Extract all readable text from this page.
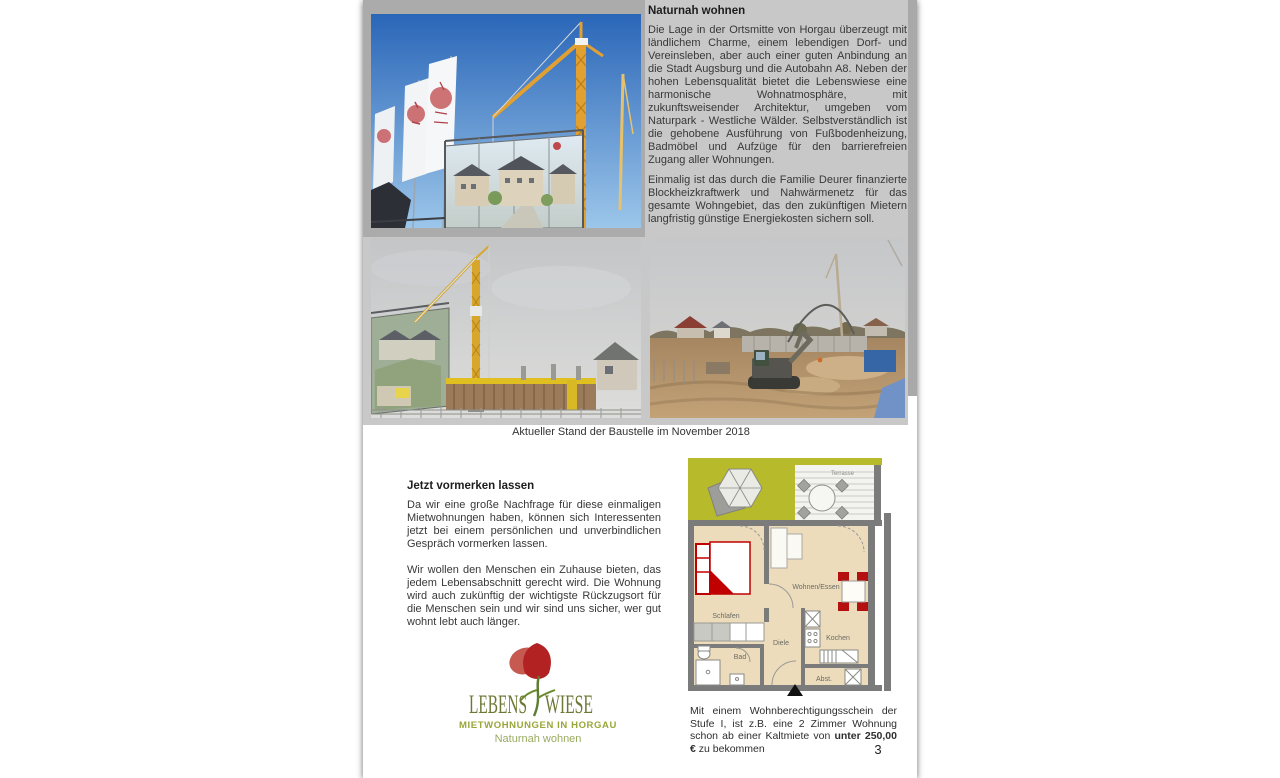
Naturnah wohnen

Die Lage in der Ortsmitte von Horgau überzeugt mit ländlichem Charme, einem lebendigen Dorf- und Vereinsleben, aber auch einer guten Anbindung an die Stadt Augsburg und die Autobahn A8. Neben der hohen Lebensqualität bietet die Lebenswiese eine harmonische Wohnatmosphäre, mit zukunftsweisender Architektur, umgeben vom Naturpark - Westliche Wälder. Selbstverständlich ist die gehobene Ausführung von Fußbodenheizung, Badmöbel und Aufzüge für den barrierefreien Zugang aller Wohnungen.

Einmalig ist das durch die Familie Deurer finanzierte Blockheizkraftwerk und Nahwärmenetz für das gesamte Wohngebiet, das den zukünftigen Mietern langfristig günstige Energiekosten sichern soll.

Aktueller Stand der Baustelle im November 2018
Jetzt vormerken lassen

Da wir eine große Nachfrage für diese einmaligen Mietwohnungen haben, können sich Interessenten jetzt bei einem persönlichen und unverbindlichen Gespräch vormerken lassen.

Wir wollen den Menschen ein Zuhause bieten, das jedem Lebensabschnitt gerecht wird. Die Wohnung wird auch zukünftig der wichtigste Rückzugsort für die Menschen sein und wir sind uns sicher, wer gut wohnt lebt auch länger.

LEBENS WIESE
MIETWOHNUNGEN IN HORGAU
Naturnah wohnen
Terrasse
Schlafen
Wohnen/Essen
Kochen
Diele
Bad
Abst.
Mit einem Wohnberechtigungsschein der Stufe I, ist z.B. eine 2 Zimmer Wohnung schon ab einer Kaltmiete von unter 250,00 € zu bekommen	3
